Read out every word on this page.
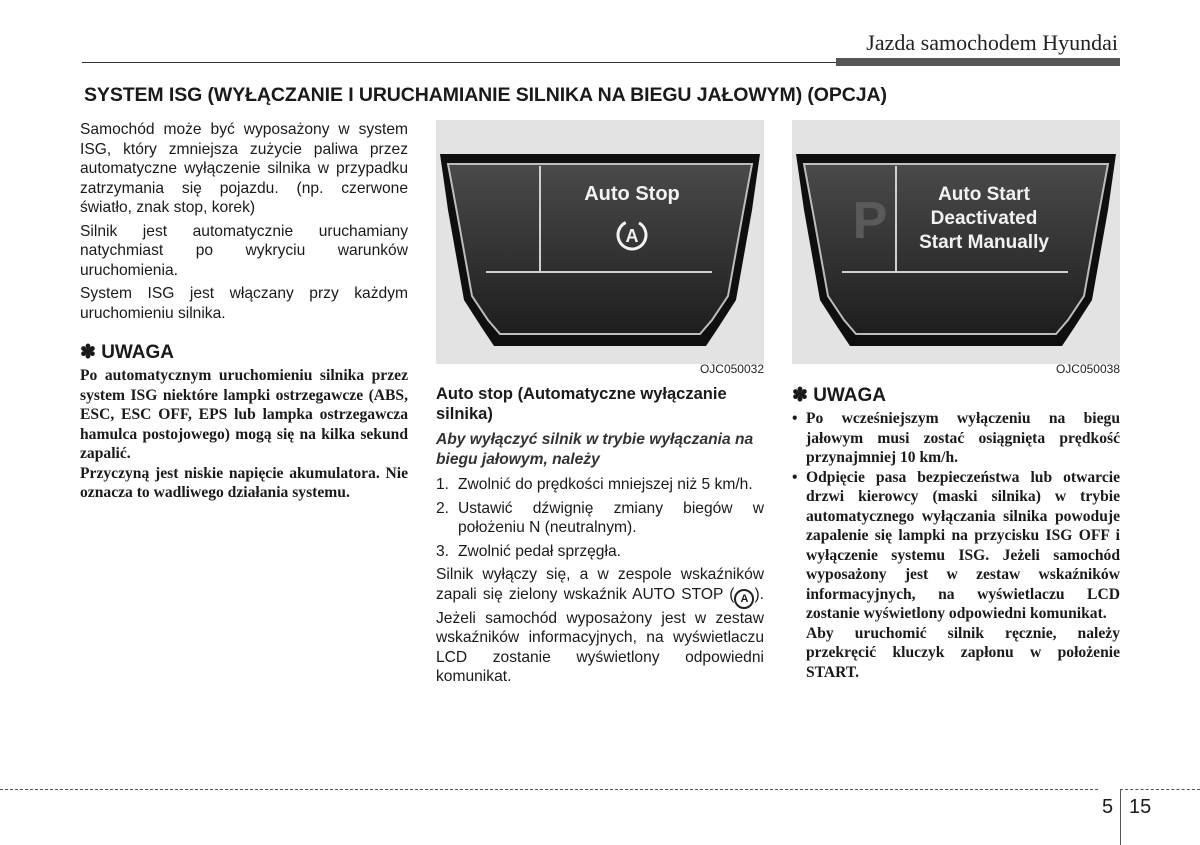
Jazda samochodem Hyundai
SYSTEM ISG (WYŁĄCZANIE I URUCHAMIANIE SILNIKA NA BIEGU JAŁOWYM) (OPCJA)

Samochód może być wyposażony w system ISG, który zmniejsza zużycie paliwa przez automatyczne wyłączenie silnika w przypadku zatrzymania się pojazdu. (np. czerwone światło, znak stop, korek)

Silnik jest automatycznie uruchamiany natychmiast po wykryciu warunków uruchomienia.

System ISG jest włączany przy każdym uruchomieniu silnika.

✽ UWAGA

Po automatycznym uruchomieniu silnika przez system ISG niektóre lampki ostrzegawcze (ABS, ESC, ESC OFF, EPS lub lampka ostrzegawcza hamulca postojowego) mogą się na kilka sekund zapalić.

Przyczyną jest niskie napięcie akumulatora. Nie oznacza to wadliwego działania systemu.

Auto Stop
A
OJC050032
P	Auto Start
Deactivated
Start Manually
OJC050038
Auto stop (Automatyczne wyłączanie silnika)
Aby wyłączyć silnik w trybie wyłączania na biegu jałowym, należy
1. Zwolnić do prędkości mniejszej niż 5 km/h.
2. Ustawić dźwignię zmiany biegów w położeniu N (neutralnym).
3. Zwolnić pedał sprzęgła.

Silnik wyłączy się, a w zespole wskaźników zapali się zielony wskaźnik AUTO STOP ( A ). Jeżeli samochód wyposażony jest w zestaw wskaźników informacyjnych, na wyświetlaczu LCD zostanie wyświetlony odpowiedni komunikat.

✽ UWAGA
• Po wcześniejszym wyłączeniu na biegu jałowym musi zostać osiągnięta prędkość przynajmniej 10 km/h.
• Odpięcie pasa bezpieczeństwa lub otwarcie drzwi kierowcy (maski silnika) w trybie automatycznego wyłączania silnika powoduje zapalenie się lampki na przycisku ISG OFF i wyłączenie systemu ISG. Jeżeli samochód wyposażony jest w zestaw wskaźników informacyjnych, na wyświetlaczu LCD zostanie wyświetlony odpowiedni komunikat.

Aby uruchomić silnik ręcznie, należy przekręcić kluczyk zapłonu w położenie START.

5 15
